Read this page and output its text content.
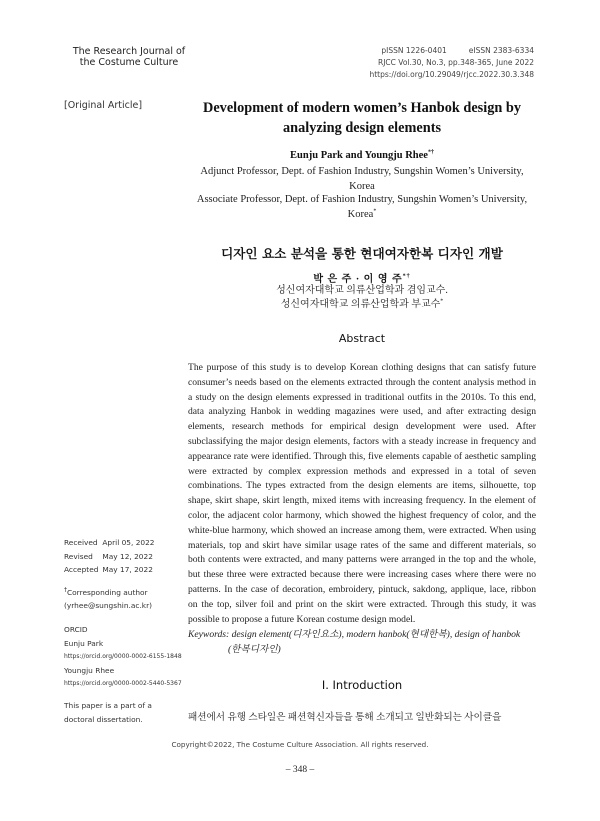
The Research Journal of
the Costume Culture
pISSN 1226-0401	eISSN 2383-6334
RJCC Vol.30, No.3, pp.348-365, June 2022
https://doi.org/10.29049/rjcc.2022.30.3.348
[Original Article]	Development of modern women’s Hanbok design by
analyzing design elements
Eunju Park and Youngju Rhee*†
Adjunct Professor, Dept. of Fashion Industry, Sungshin Women’s University,
Korea
Associate Professor, Dept. of Fashion Industry, Sungshin Women’s University,
Korea*
디자인 요소 분석을 통한 현대여자한복 디자인 개발
박 은 주 · 이 영 주*†
성신여자대학교 의류산업학과 겸임교수.
성신여자대학교 의류산업학과 부교수*
Abstract
The purpose of this study is to develop Korean clothing designs that can satisfy future consumer’s needs based on the elements extracted through the content analysis method in a study on the design elements expressed in traditional outfits in the 2010s. To this end, data analyzing Hanbok in wedding magazines were used, and after extracting design elements, research methods for empirical design development were used. After subclassifying the major design elements, factors with a steady increase in frequency and appearance rate were identified. Through this, five elements capable of aesthetic sampling were extracted by complex expression methods and expressed in a total of seven combinations. The types extracted from the design elements are items, silhouette, top shape, skirt shape, skirt length, mixed items with increasing frequency. In the element of color, the adjacent color harmony, which showed the highest frequency of color, and the white-blue harmony, which showed an increase among them, were extracted. When using materials, top and skirt have similar usage rates of the same and different materials, so both contents were extracted, and many patterns were arranged in the top and the whole, but these three were extracted because there were increasing cases where there were no patterns. In the case of decoration, embroidery, pintuck, sakdong, applique, lace, ribbon on the top, silver foil and print on the skirt were extracted. Through this study, it was possible to propose a future Korean costume design model.
Keywords: design element(디자인요소), modern hanbok(현대한복), design of hanbok
(한복디자인)
Received April 05, 2022
Revised May 12, 2022
Accepted May 17, 2022
†Corresponding author
(yrhee@sungshin.ac.kr)
ORCID
Eunju Park
https://orcid.org/0000-0002-6155-1848
Youngju Rhee
https://orcid.org/0000-0002-5440-5367
This paper is a part of a
doctoral dissertation.
I. Introduction
패션에서 유행 스타일은 패션혁신자들을 통해 소개되고 일반화되는 사이클을
Copyright©2022, The Costume Culture Association. All rights reserved.
– 348 –
